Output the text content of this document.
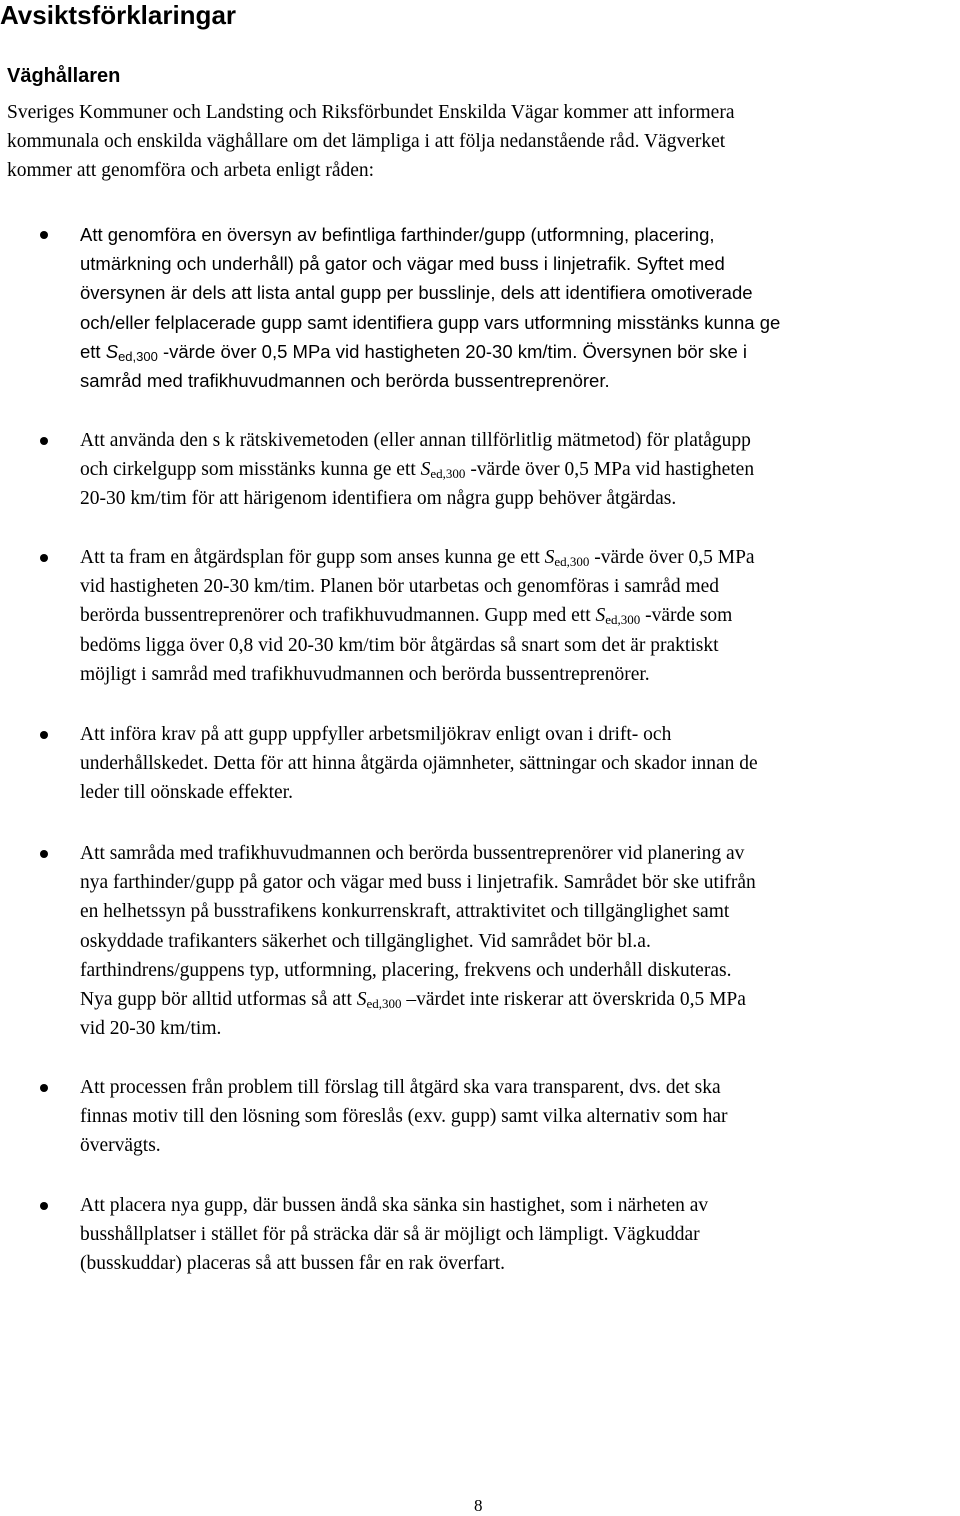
Avsiktsförklaringar
Väghållaren
Sveriges Kommuner och Landsting och Riksförbundet Enskilda Vägar kommer att informera
kommunala och enskilda väghållare om det lämpliga i att följa nedanstående råd. Vägverket
kommer att genomföra och arbeta enligt råden:
Att genomföra en översyn av befintliga farthinder/gupp (utformning, placering,
utmärkning och underhåll) på gator och vägar med buss i linjetrafik. Syftet med
översynen är dels att lista antal gupp per busslinje, dels att identifiera omotiverade
och/eller felplacerade gupp samt identifiera gupp vars utformning misstänks kunna ge
ett $S_{ed,300}$ -värde över 0,5 MPa vid hastigheten 20-30 km/tim. Översynen bör ske i
samråd med trafikhuvudmannen och berörda bussentreprenörer.
Att använda den s k rätskivemetoden (eller annan tillförlitlig mätmetod) för platågupp
och cirkelgupp som misstänks kunna ge ett $S_{ed,300}$ -värde över 0,5 MPa vid hastigheten
20-30 km/tim för att härigenom identifiera om några gupp behöver åtgärdas.
Att ta fram en åtgärdsplan för gupp som anses kunna ge ett $S_{ed,300}$ -värde över 0,5 MPa
vid hastigheten 20-30 km/tim. Planen bör utarbetas och genomföras i samråd med
berörda bussentreprenörer och trafikhuvudmannen. Gupp med ett $S_{ed,300}$ -värde som
bedöms ligga över 0,8 vid 20-30 km/tim bör åtgärdas så snart som det är praktiskt
möjligt i samråd med trafikhuvudmannen och berörda bussentreprenörer.
Att införa krav på att gupp uppfyller arbetsmiljökrav enligt ovan i drift- och
underhållskedet. Detta för att hinna åtgärda ojämnheter, sättningar och skador innan de
leder till oönskade effekter.
Att samråda med trafikhuvudmannen och berörda bussentreprenörer vid planering av
nya farthinder/gupp på gator och vägar med buss i linjetrafik. Samrådet bör ske utifrån
en helhetssyn på busstrafikens konkurrenskraft, attraktivitet och tillgänglighet samt
oskyddade trafikanters säkerhet och tillgänglighet. Vid samrådet bör bl.a.
farthindrens/guppens typ, utformning, placering, frekvens och underhåll diskuteras.
Nya gupp bör alltid utformas så att $S_{ed,300}$ –värdet inte riskerar att överskrida 0,5 MPa
vid 20-30 km/tim.
Att processen från problem till förslag till åtgärd ska vara transparent, dvs. det ska
finnas motiv till den lösning som föreslås (exv. gupp) samt vilka alternativ som har
övervägts.
Att placera nya gupp, där bussen ändå ska sänka sin hastighet, som i närheten av
busshållplatser i stället för på sträcka där så är möjligt och lämpligt. Vägkuddar
(busskuddar) placeras så att bussen får en rak överfart.
8
